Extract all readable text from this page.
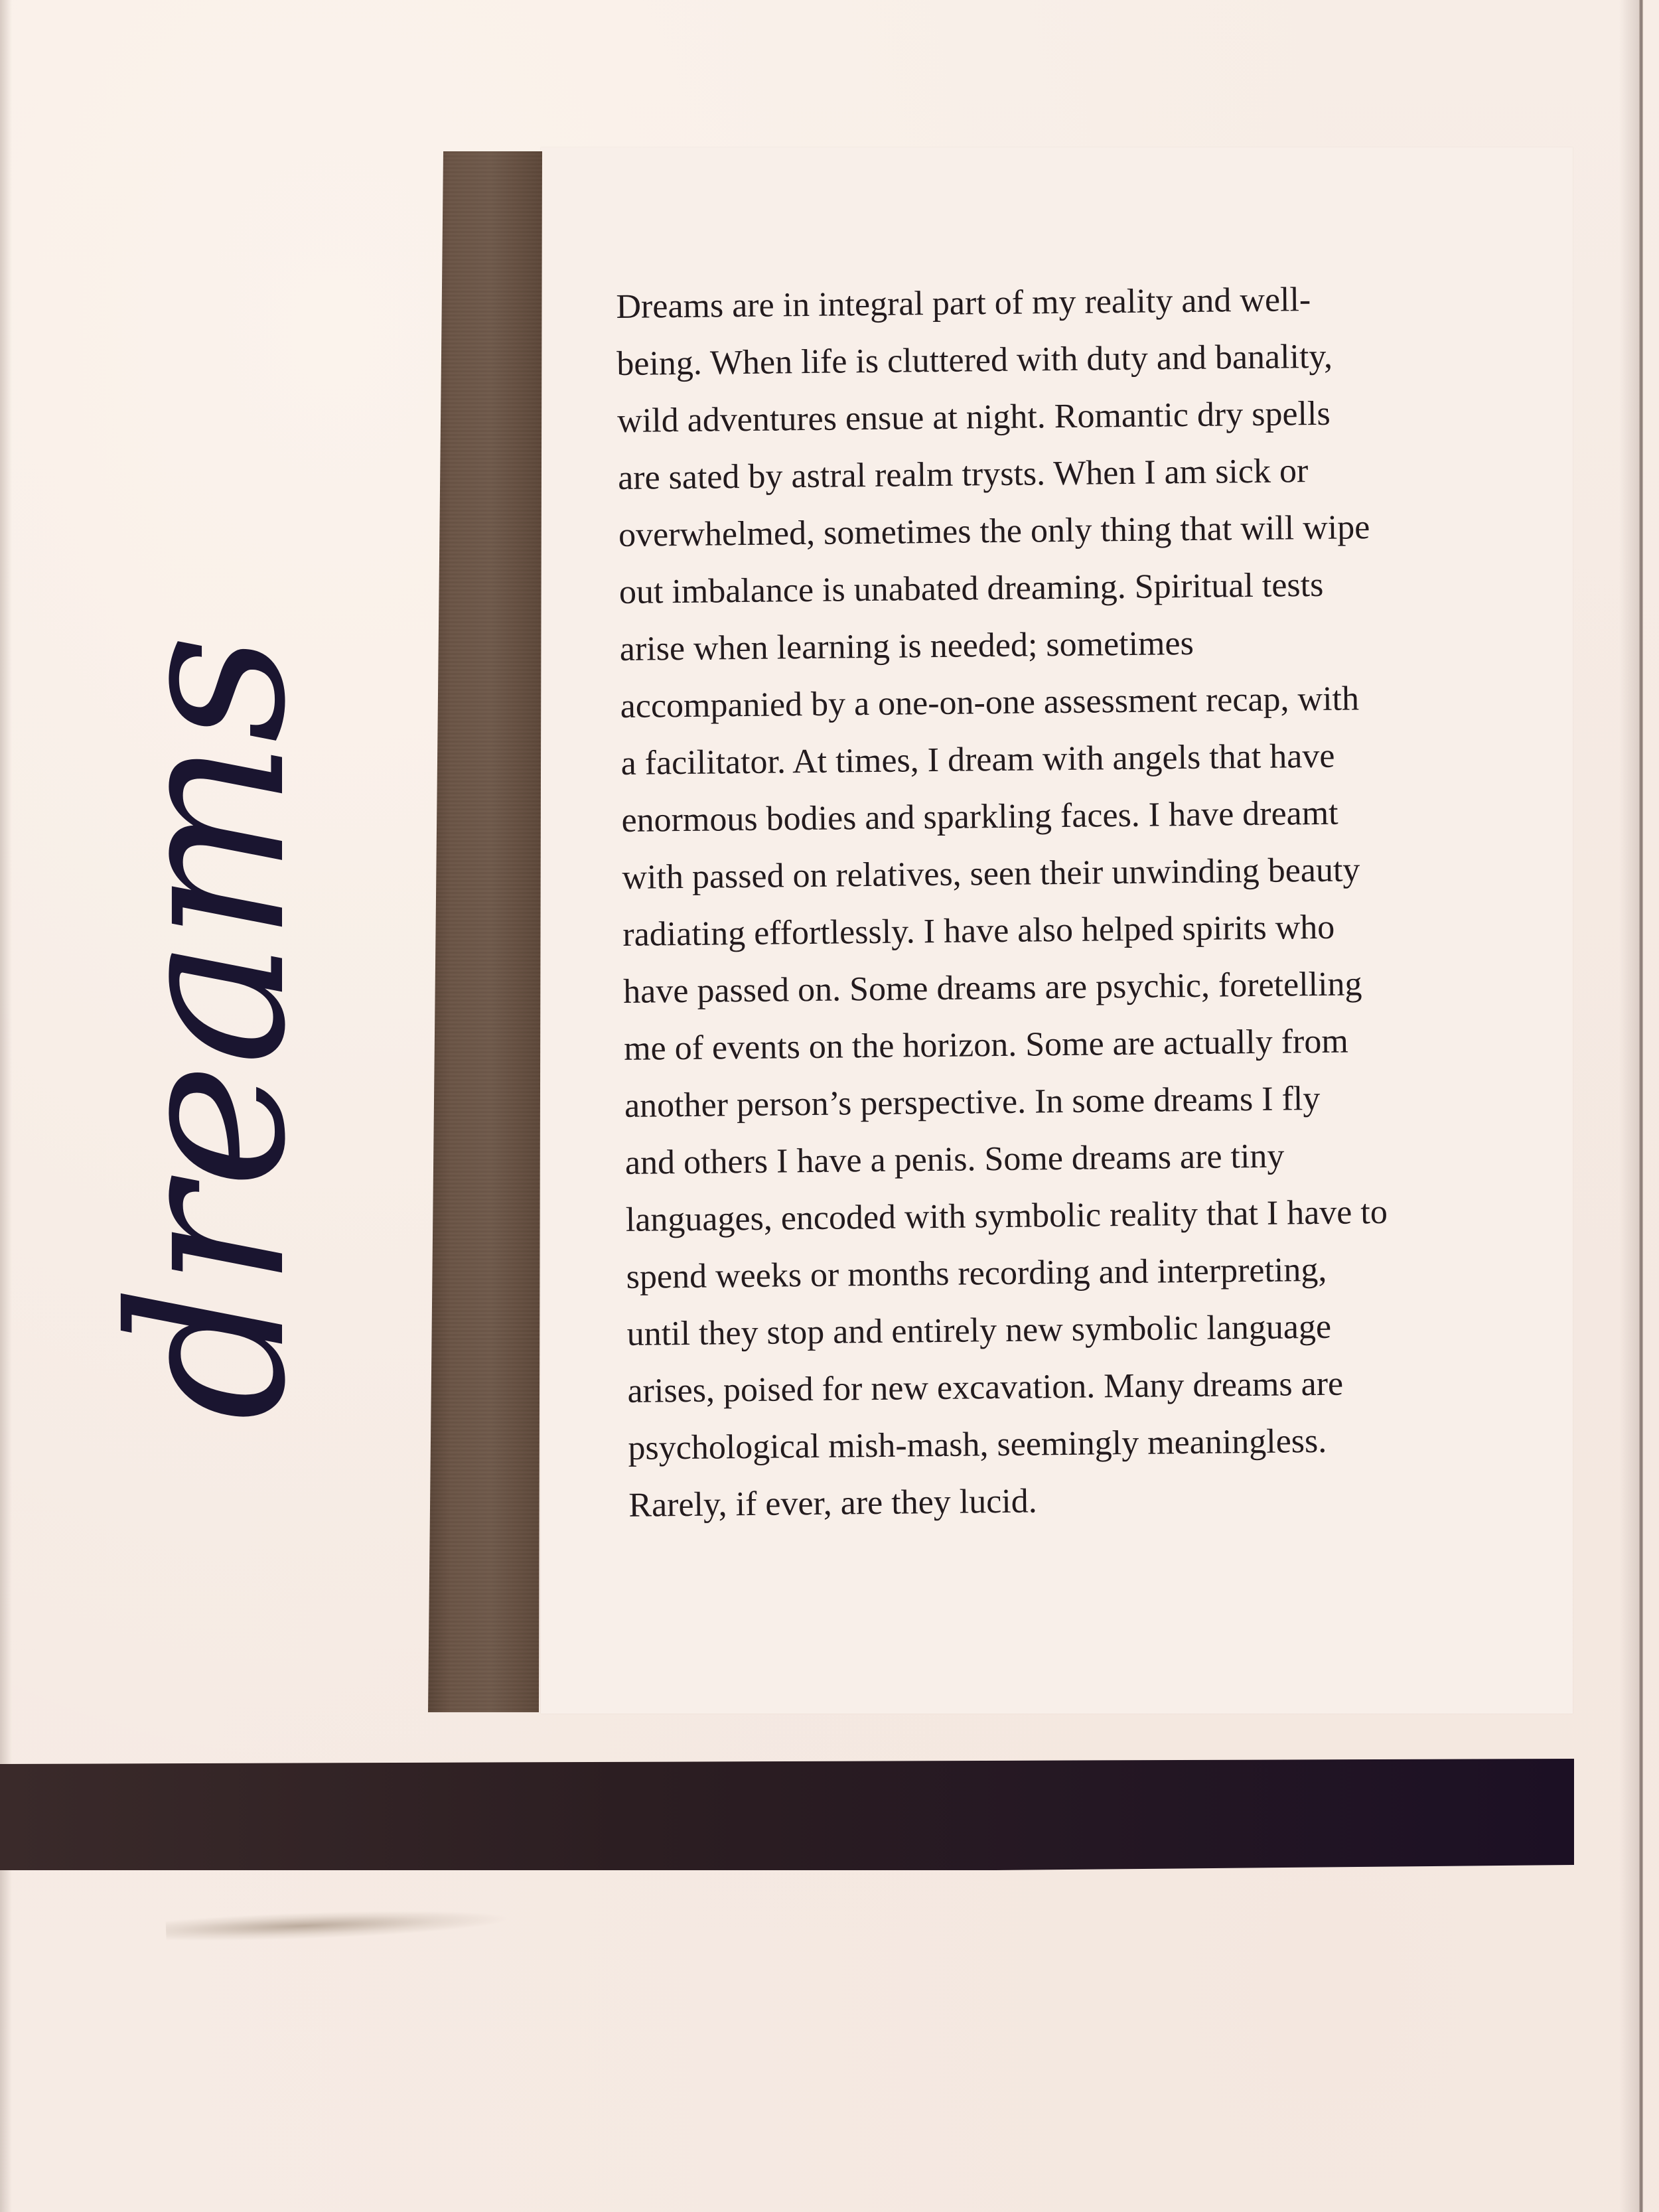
dreams

Dreams are in integral part of my reality and well-
being. When life is cluttered with duty and banality,
wild adventures ensue at night. Romantic dry spells
are sated by astral realm trysts. When I am sick or
overwhelmed, sometimes the only thing that will wipe
out imbalance is unabated dreaming. Spiritual tests
arise when learning is needed; sometimes
accompanied by a one-on-one assessment recap, with
a facilitator. At times, I dream with angels that have
enormous bodies and sparkling faces. I have dreamt
with passed on relatives, seen their unwinding beauty
radiating effortlessly. I have also helped spirits who
have passed on. Some dreams are psychic, foretelling
me of events on the horizon. Some are actually from
another person’s perspective. In some dreams I fly
and others I have a penis. Some dreams are tiny
languages, encoded with symbolic reality that I have to
spend weeks or months recording and interpreting,
until they stop and entirely new symbolic language
arises, poised for new excavation. Many dreams are
psychological mish-mash, seemingly meaningless.
Rarely, if ever, are they lucid.
